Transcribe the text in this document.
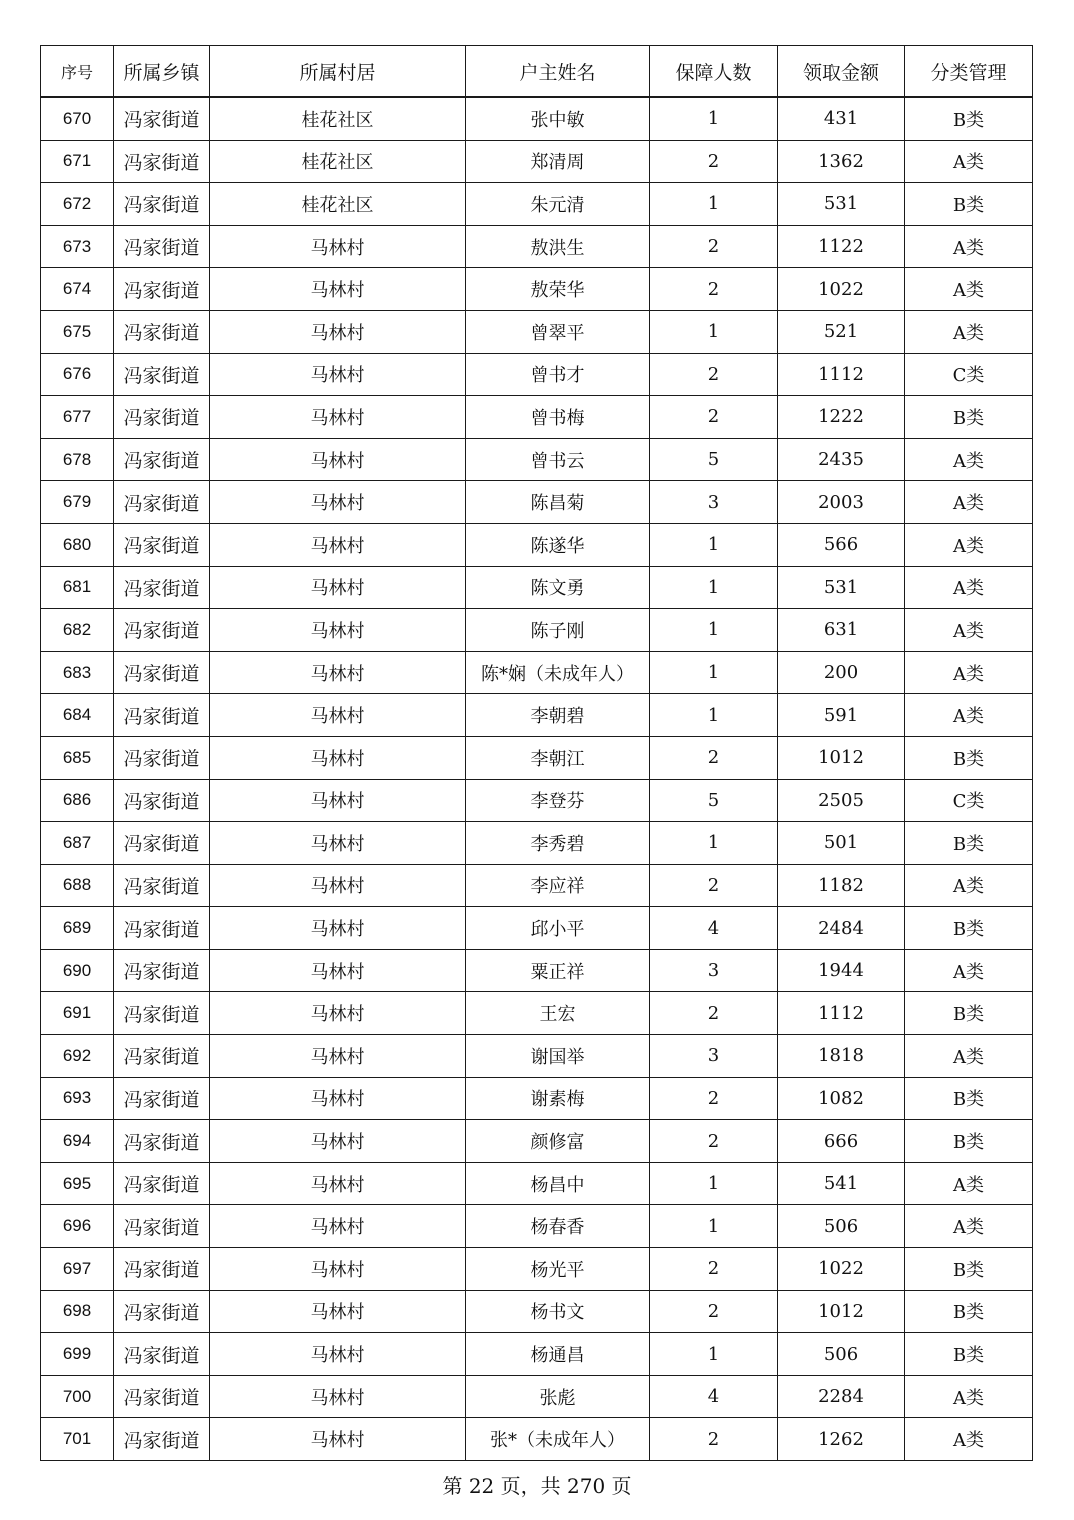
序号	所属乡镇	所属村居	户主姓名	保障人数	领取金额	分类管理
670	冯家街道	桂花社区	张中敏	1	431	B类
671	冯家街道	桂花社区	郑清周	2	1362	A类
672	冯家街道	桂花社区	朱元清	1	531	B类
673	冯家街道	马林村	敖洪生	2	1122	A类
674	冯家街道	马林村	敖荣华	2	1022	A类
675	冯家街道	马林村	曾翠平	1	521	A类
676	冯家街道	马林村	曾书才	2	1112	C类
677	冯家街道	马林村	曾书梅	2	1222	B类
678	冯家街道	马林村	曾书云	5	2435	A类
679	冯家街道	马林村	陈昌菊	3	2003	A类
680	冯家街道	马林村	陈遂华	1	566	A类
681	冯家街道	马林村	陈文勇	1	531	A类
682	冯家街道	马林村	陈子刚	1	631	A类
683	冯家街道	马林村	陈*娴（未成年人）	1	200	A类
684	冯家街道	马林村	李朝碧	1	591	A类
685	冯家街道	马林村	李朝江	2	1012	B类
686	冯家街道	马林村	李登芬	5	2505	C类
687	冯家街道	马林村	李秀碧	1	501	B类
688	冯家街道	马林村	李应祥	2	1182	A类
689	冯家街道	马林村	邱小平	4	2484	B类
690	冯家街道	马林村	粟正祥	3	1944	A类
691	冯家街道	马林村	王宏	2	1112	B类
692	冯家街道	马林村	谢国举	3	1818	A类
693	冯家街道	马林村	谢素梅	2	1082	B类
694	冯家街道	马林村	颜修富	2	666	B类
695	冯家街道	马林村	杨昌中	1	541	A类
696	冯家街道	马林村	杨春香	1	506	A类
697	冯家街道	马林村	杨光平	2	1022	B类
698	冯家街道	马林村	杨书文	2	1012	B类
699	冯家街道	马林村	杨通昌	1	506	B类
700	冯家街道	马林村	张彪	4	2284	A类
701	冯家街道	马林村	张*（未成年人）	2	1262	A类
第 22 页，共 270 页
